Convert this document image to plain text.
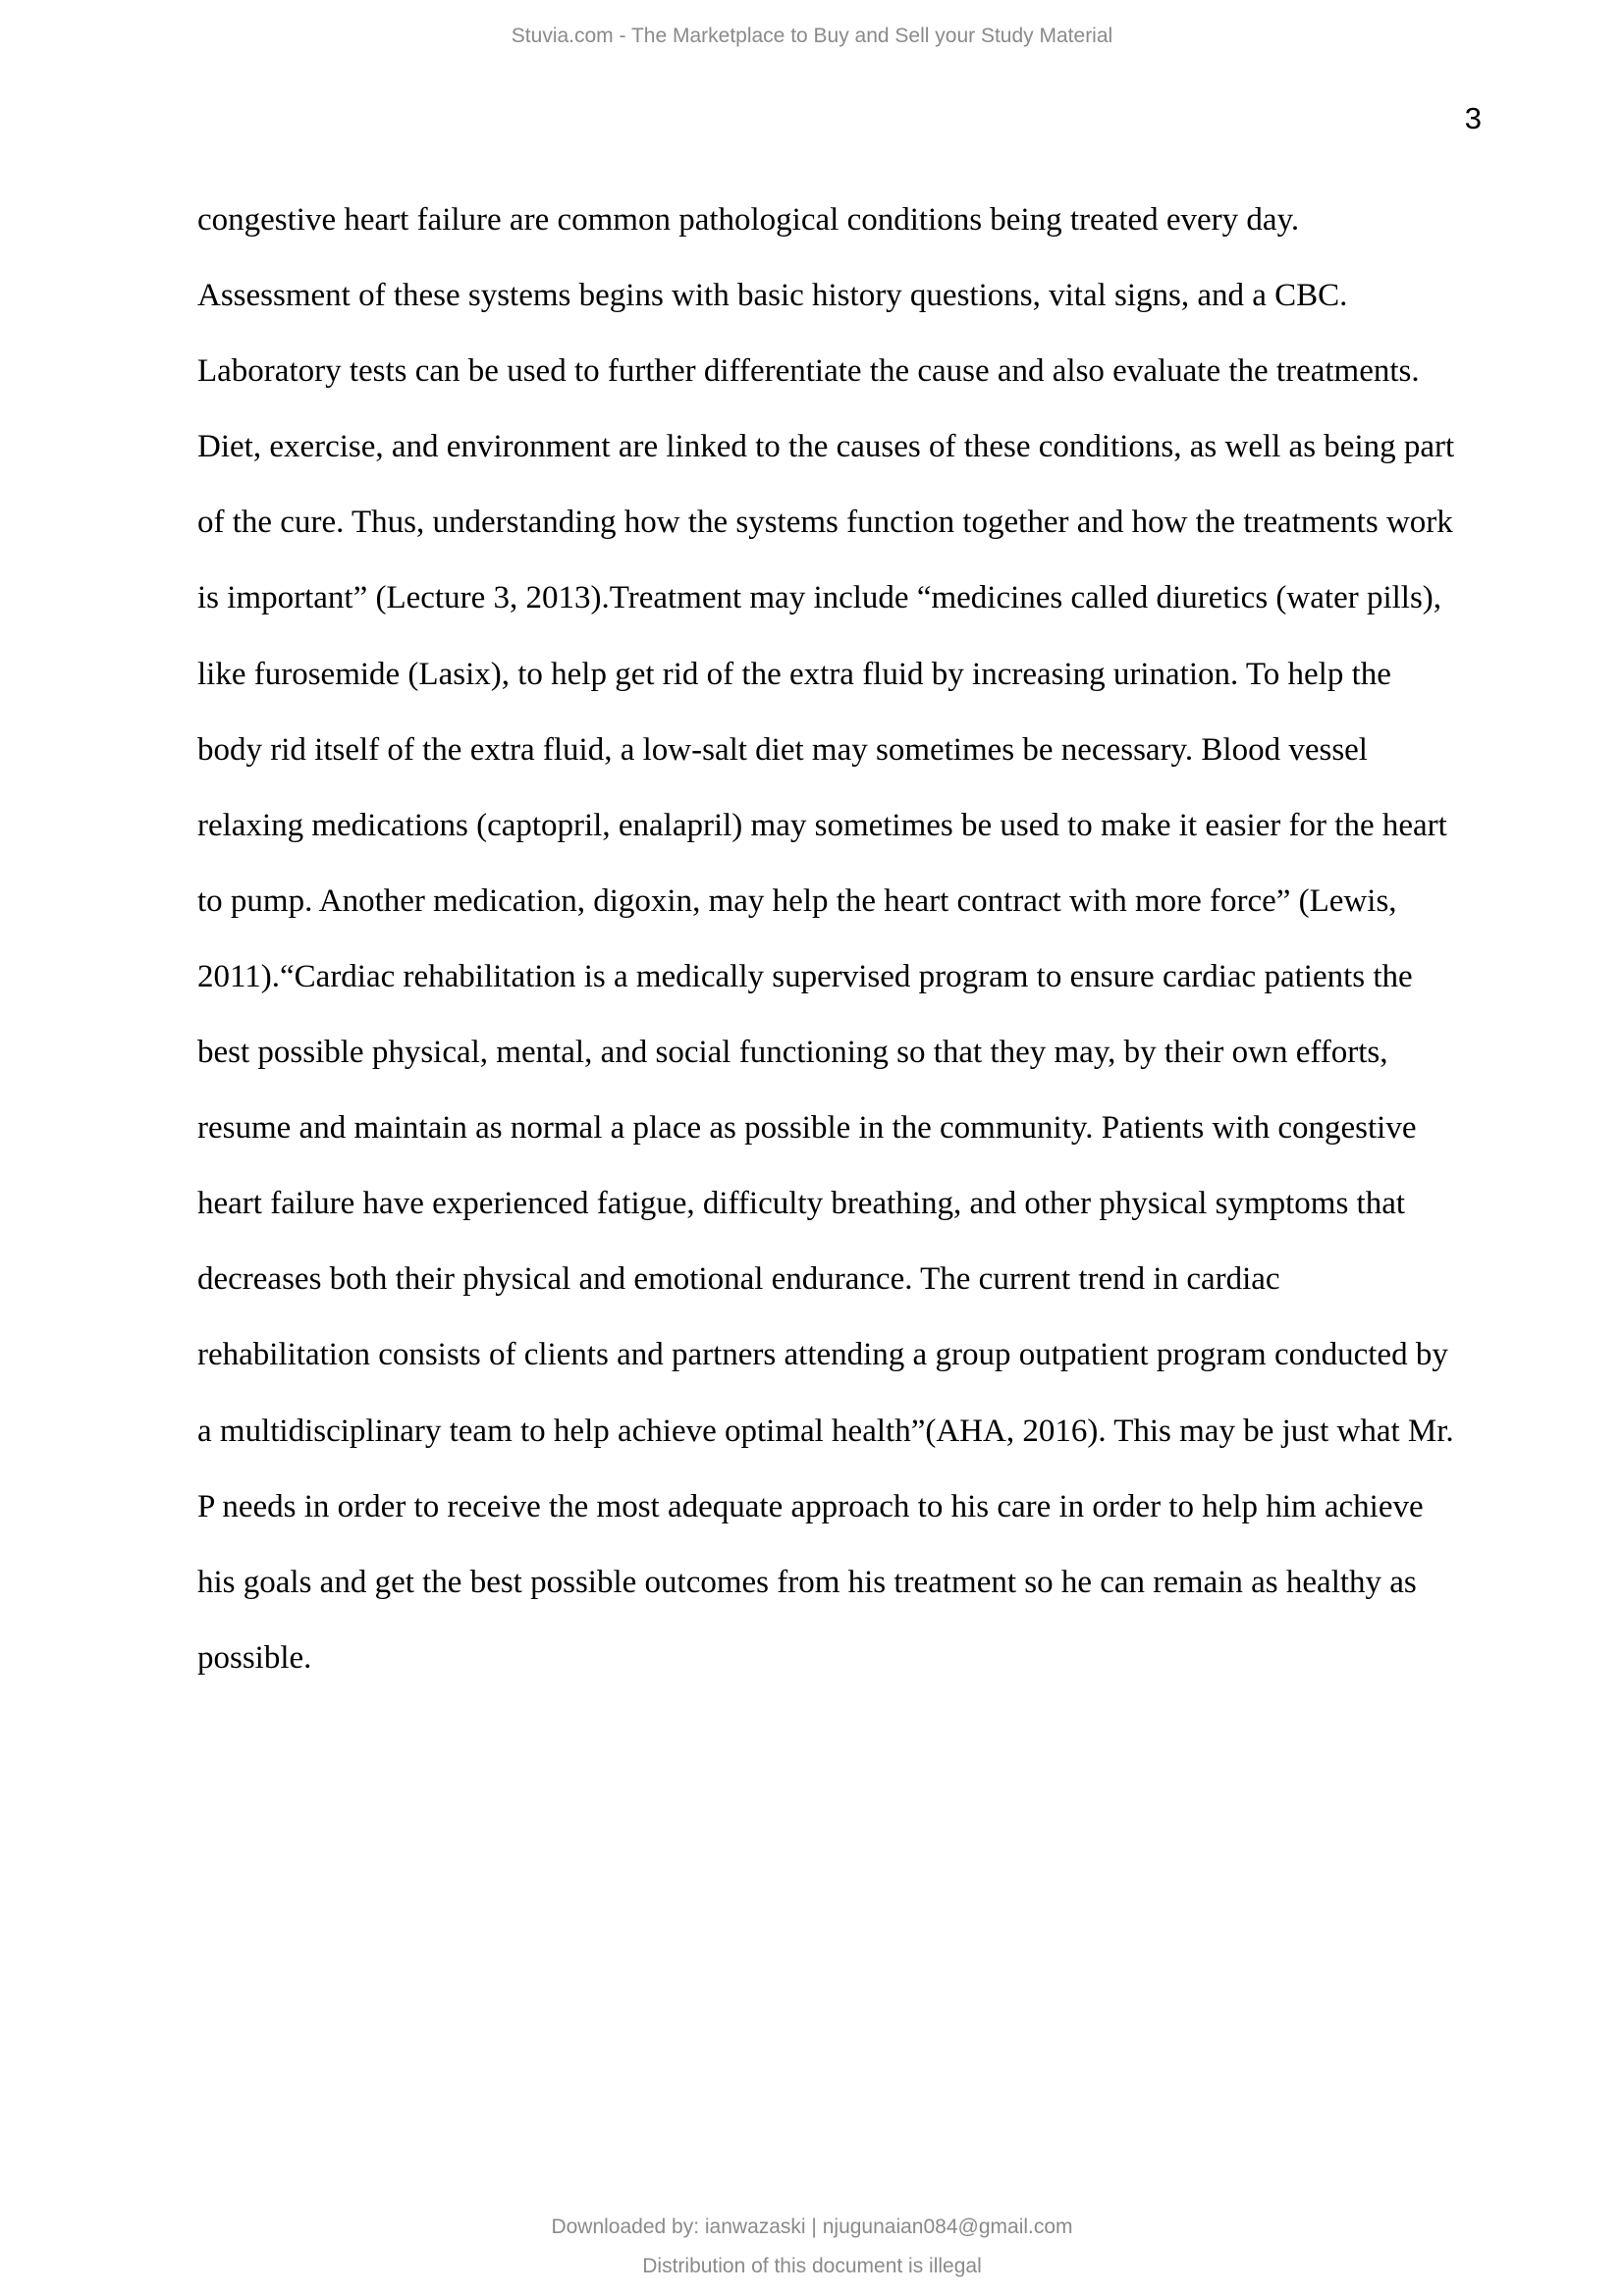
Stuvia.com - The Marketplace to Buy and Sell your Study Material
3
congestive heart failure are common pathological conditions being treated every day.
Assessment of these systems begins with basic history questions, vital signs, and a CBC.
Laboratory tests can be used to further differentiate the cause and also evaluate the treatments.
Diet, exercise, and environment are linked to the causes of these conditions, as well as being part
of the cure. Thus, understanding how the systems function together and how the treatments work
is important” (Lecture 3, 2013).Treatment may include “medicines called diuretics (water pills),
like furosemide (Lasix), to help get rid of the extra fluid by increasing urination. To help the
body rid itself of the extra fluid, a low-salt diet may sometimes be necessary. Blood vessel
relaxing medications (captopril, enalapril) may sometimes be used to make it easier for the heart
to pump. Another medication, digoxin, may help the heart contract with more force” (Lewis,
2011).“Cardiac rehabilitation is a medically supervised program to ensure cardiac patients the
best possible physical, mental, and social functioning so that they may, by their own efforts,
resume and maintain as normal a place as possible in the community. Patients with congestive
heart failure have experienced fatigue, difficulty breathing, and other physical symptoms that
decreases both their physical and emotional endurance. The current trend in cardiac
rehabilitation consists of clients and partners attending a group outpatient program conducted by
a multidisciplinary team to help achieve optimal health”(AHA, 2016). This may be just what Mr.
P needs in order to receive the most adequate approach to his care in order to help him achieve
his goals and get the best possible outcomes from his treatment so he can remain as healthy as
possible.
Downloaded by: ianwazaski | njugunaian084@gmail.com
Distribution of this document is illegal
